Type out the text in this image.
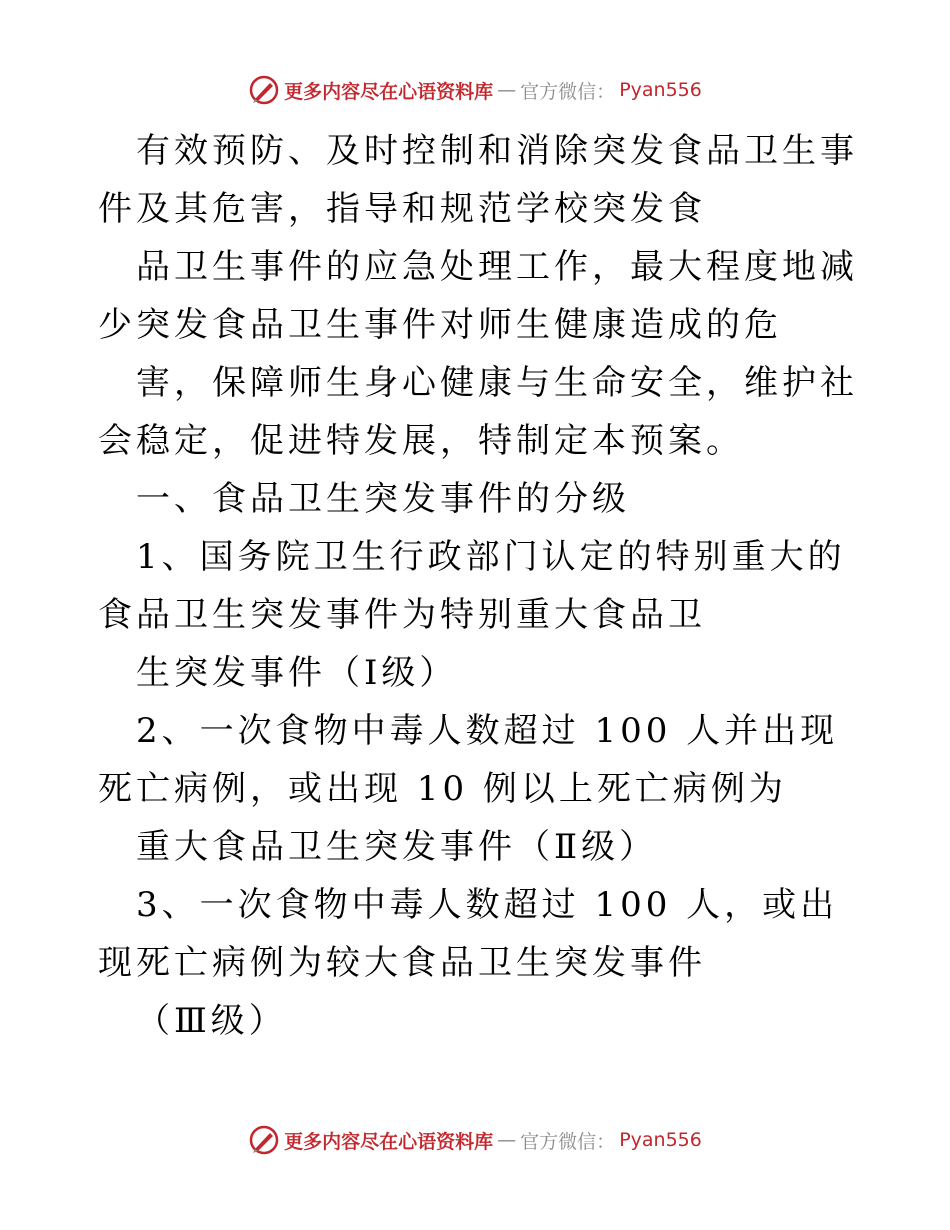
更多内容尽在心语资料库 — 官方微信： Pyan556

有效预防、及时控制和消除突发食品卫生事件及其危害，指导和规范学校突发食

品卫生事件的应急处理工作，最大程度地减少突发食品卫生事件对师生健康造成的危

害，保障师生身心健康与生命安全，维护社会稳定，促进特发展，特制定本预案。

一、食品卫生突发事件的分级

1、国务院卫生行政部门认定的特别重大的食品卫生突发事件为特别重大食品卫

生突发事件（Ⅰ级）

2、一次食物中毒人数超过 100 人并出现死亡病例，或出现 10 例以上死亡病例为

重大食品卫生突发事件（Ⅱ级）

3、一次食物中毒人数超过 100 人，或出现死亡病例为较大食品卫生突发事件

（Ⅲ级）

更多内容尽在心语资料库 — 官方微信： Pyan556
